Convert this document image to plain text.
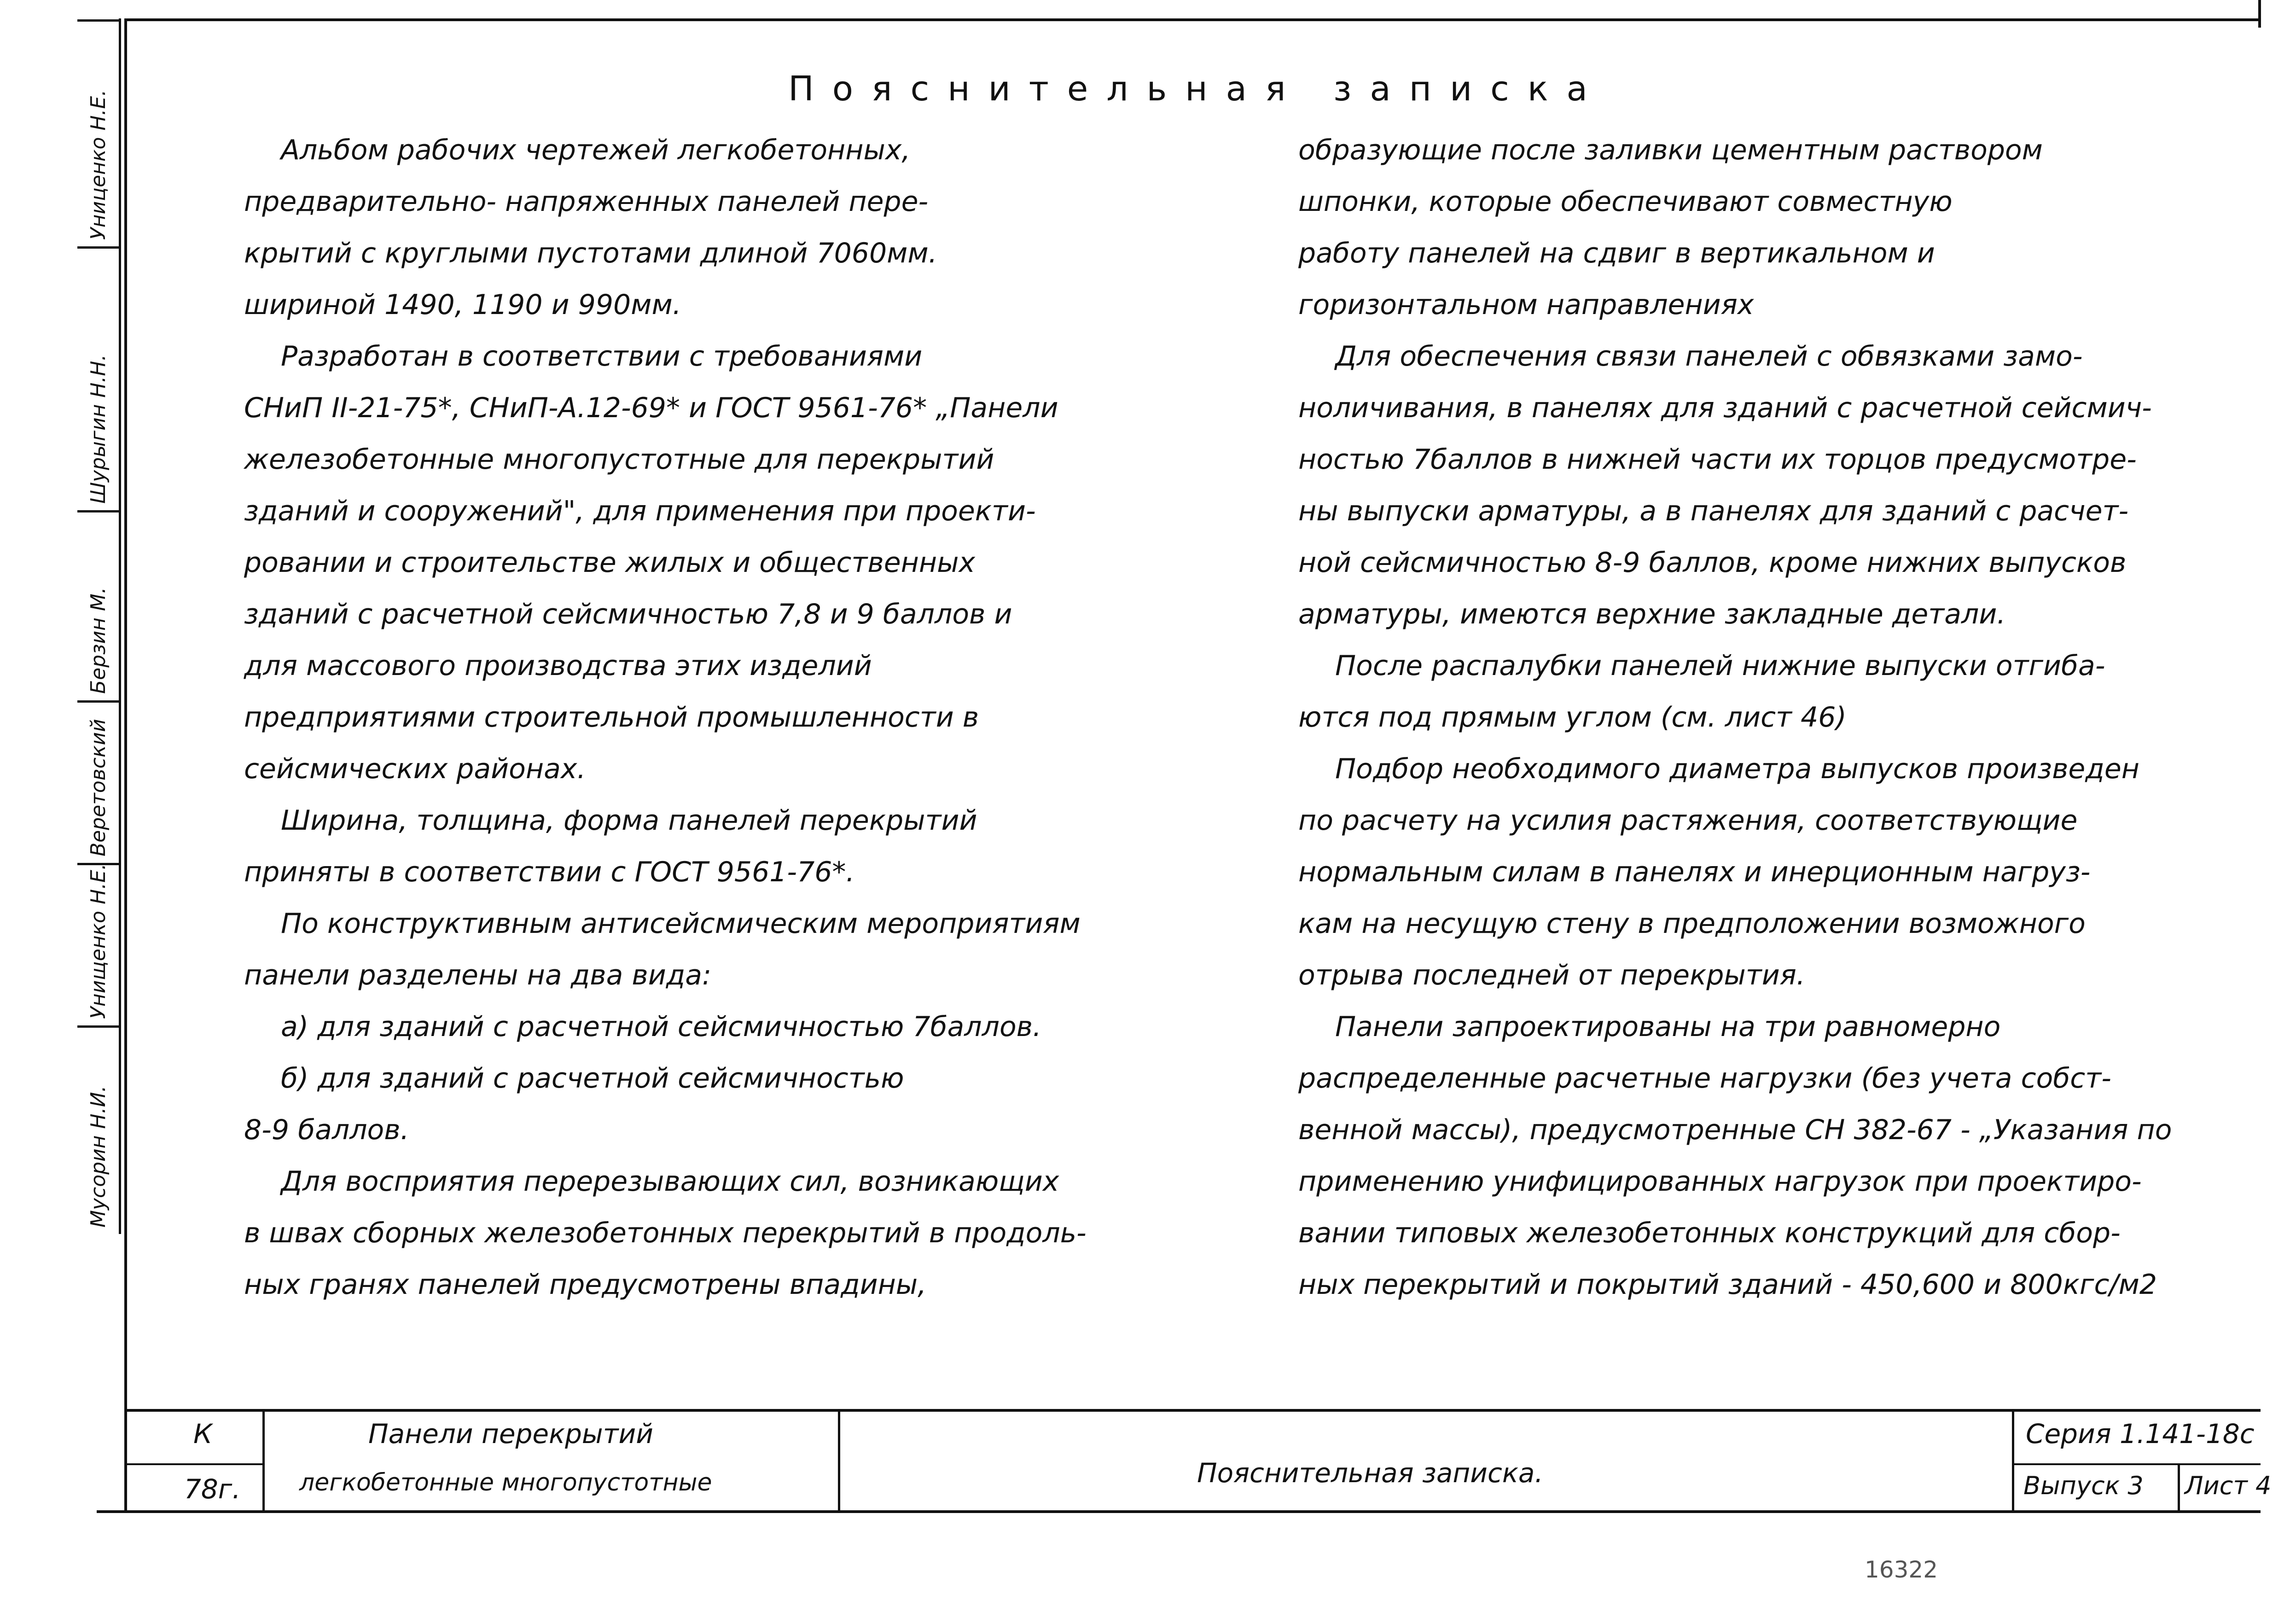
Мусорин Н.И.
Унищенко Н.Е.
Веретовский
Берзин М.
Шурыгин Н.Н.
Униценко Н.Е.
Пояснительная записка
Альбом рабочих чертежей легкобетонных,
предварительно- напряженных панелей пере-
крытий с круглыми пустотами длиной 7060мм.
шириной 1490, 1190 и 990мм.
Разработан в соответствии с требованиями
СНиП II-21-75*, СНиП-А.12-69* и ГОСТ 9561-76* „Панели
железобетонные многопустотные для перекрытий
зданий и сооружений", для применения при проекти-
ровании и строительстве жилых и общественных
зданий с расчетной сейсмичностью 7,8 и 9 баллов и
для массового производства этих изделий
предприятиями строительной промышленности в
сейсмических районах.
Ширина, толщина, форма панелей перекрытий
приняты в соответствии с ГОСТ 9561-76*.
По конструктивным антисейсмическим мероприятиям
панели разделены на два вида:
а) для зданий с расчетной сейсмичностью 7баллов.
б) для зданий с расчетной сейсмичностью
8-9 баллов.
Для восприятия перерезывающих сил, возникающих
в швах сборных железобетонных перекрытий в продоль-
ных гранях панелей предусмотрены впадины,
образующие после заливки цементным раствором
шпонки, которые обеспечивают совместную
работу панелей на сдвиг в вертикальном и
горизонтальном направлениях
Для обеспечения связи панелей с обвязками замо-
ноличивания, в панелях для зданий с расчетной сейсмич-
ностью 7баллов в нижней части их торцов предусмотре-
ны выпуски арматуры, а в панелях для зданий с расчет-
ной сейсмичностью 8-9 баллов, кроме нижних выпусков
арматуры, имеются верхние закладные детали.
После распалубки панелей нижние выпуски отгиба-
ются под прямым углом (см. лист 46)
Подбор необходимого диаметра выпусков произведен
по расчету на усилия растяжения, соответствующие
нормальным силам в панелях и инерционным нагруз-
кам на несущую стену в предположении возможного
отрыва последней от перекрытия.
Панели запроектированы на три равномерно
распределенные расчетные нагрузки (без учета собст-
венной массы), предусмотренные СН 382-67 - „Указания по
применению унифицированных нагрузок при проектиро-
вании типовых железобетонных конструкций для сбор-
ных перекрытий и покрытий зданий - 450,600 и 800кгс/м2
К
78г.
Панели перекрытий
легкобетонные многопустотные	Пояснительная записка.
Серия 1.141-18с
Выпуск 3	Лист 4
16322
